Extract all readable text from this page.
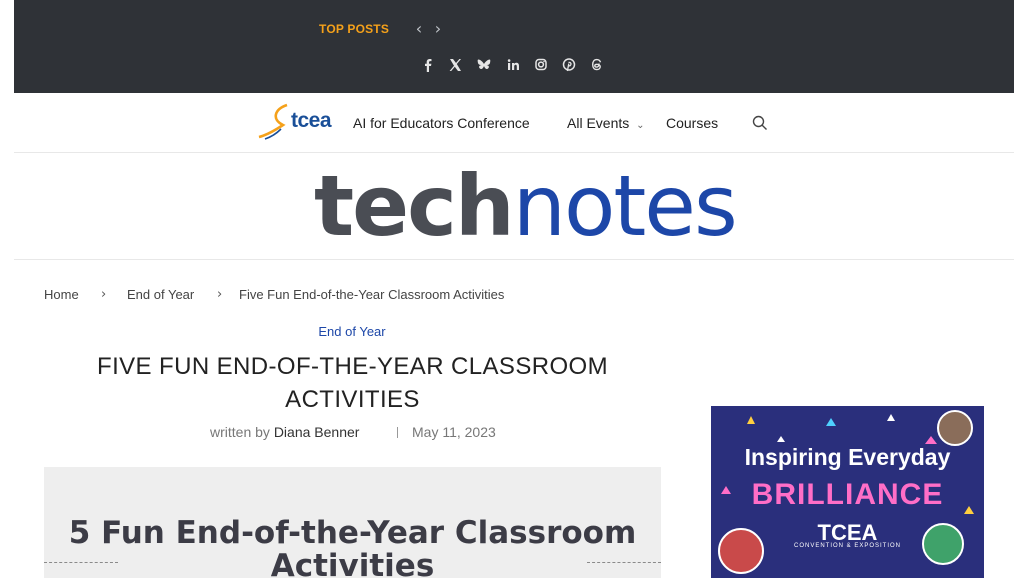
TOP POSTS ‹ ›
tcea AI for Educators Conference	All Events ⌄ Courses
technotes
Home › End of Year › Five Fun End-of-the-Year Classroom Activities
End of Year
FIVE FUN END-OF-THE-YEAR CLASSROOM ACTIVITIES
written by Diana Benner	May 11, 2023
5 Fun End-of-the-Year Classroom Activities
Inspiring Everyday
BRILLIANCE
TCEA
CONVENTION & EXPOSITION
